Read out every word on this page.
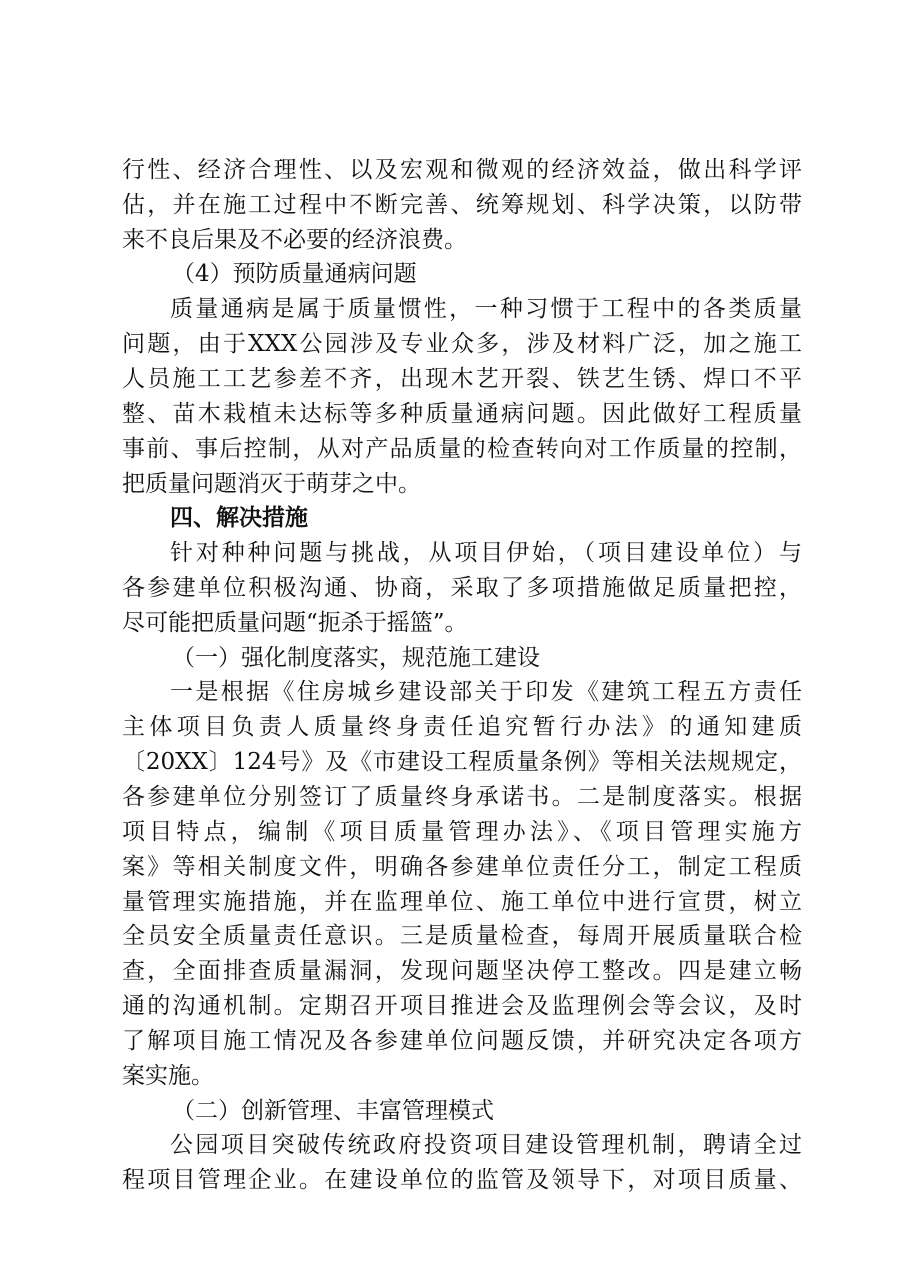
行性、经济合理性、以及宏观和微观的经济效益，做出科学评
估，并在施工过程中不断完善、统筹规划、科学决策，以防带
来不良后果及不必要的经济浪费。
（4）预防质量通病问题
质量通病是属于质量惯性，一种习惯于工程中的各类质量
问题，由于XXX公园涉及专业众多，涉及材料广泛，加之施工
人员施工工艺参差不齐，出现木艺开裂、铁艺生锈、焊口不平
整、苗木栽植未达标等多种质量通病问题。因此做好工程质量
事前、事后控制，从对产品质量的检查转向对工作质量的控制，
把质量问题消灭于萌芽之中。
四、解决措施
针对种种问题与挑战，从项目伊始，（项目建设单位）与
各参建单位积极沟通、协商，采取了多项措施做足质量把控，
尽可能把质量问题“扼杀于摇篮”。
（一）强化制度落实，规范施工建设
一是根据《住房城乡建设部关于印发《建筑工程五方责任
主体项目负责人质量终身责任追究暂行办法》的通知建质
〔20XX〕124号》及《市建设工程质量条例》等相关法规规定，
各参建单位分别签订了质量终身承诺书。二是制度落实。根据
项目特点，编制《项目质量管理办法》、《项目管理实施方
案》等相关制度文件，明确各参建单位责任分工，制定工程质
量管理实施措施，并在监理单位、施工单位中进行宣贯，树立
全员安全质量责任意识。三是质量检查，每周开展质量联合检
查，全面排查质量漏洞，发现问题坚决停工整改。四是建立畅
通的沟通机制。定期召开项目推进会及监理例会等会议，及时
了解项目施工情况及各参建单位问题反馈，并研究决定各项方
案实施。
（二）创新管理、丰富管理模式
公园项目突破传统政府投资项目建设管理机制，聘请全过
程项目管理企业。在建设单位的监管及领导下，对项目质量、
